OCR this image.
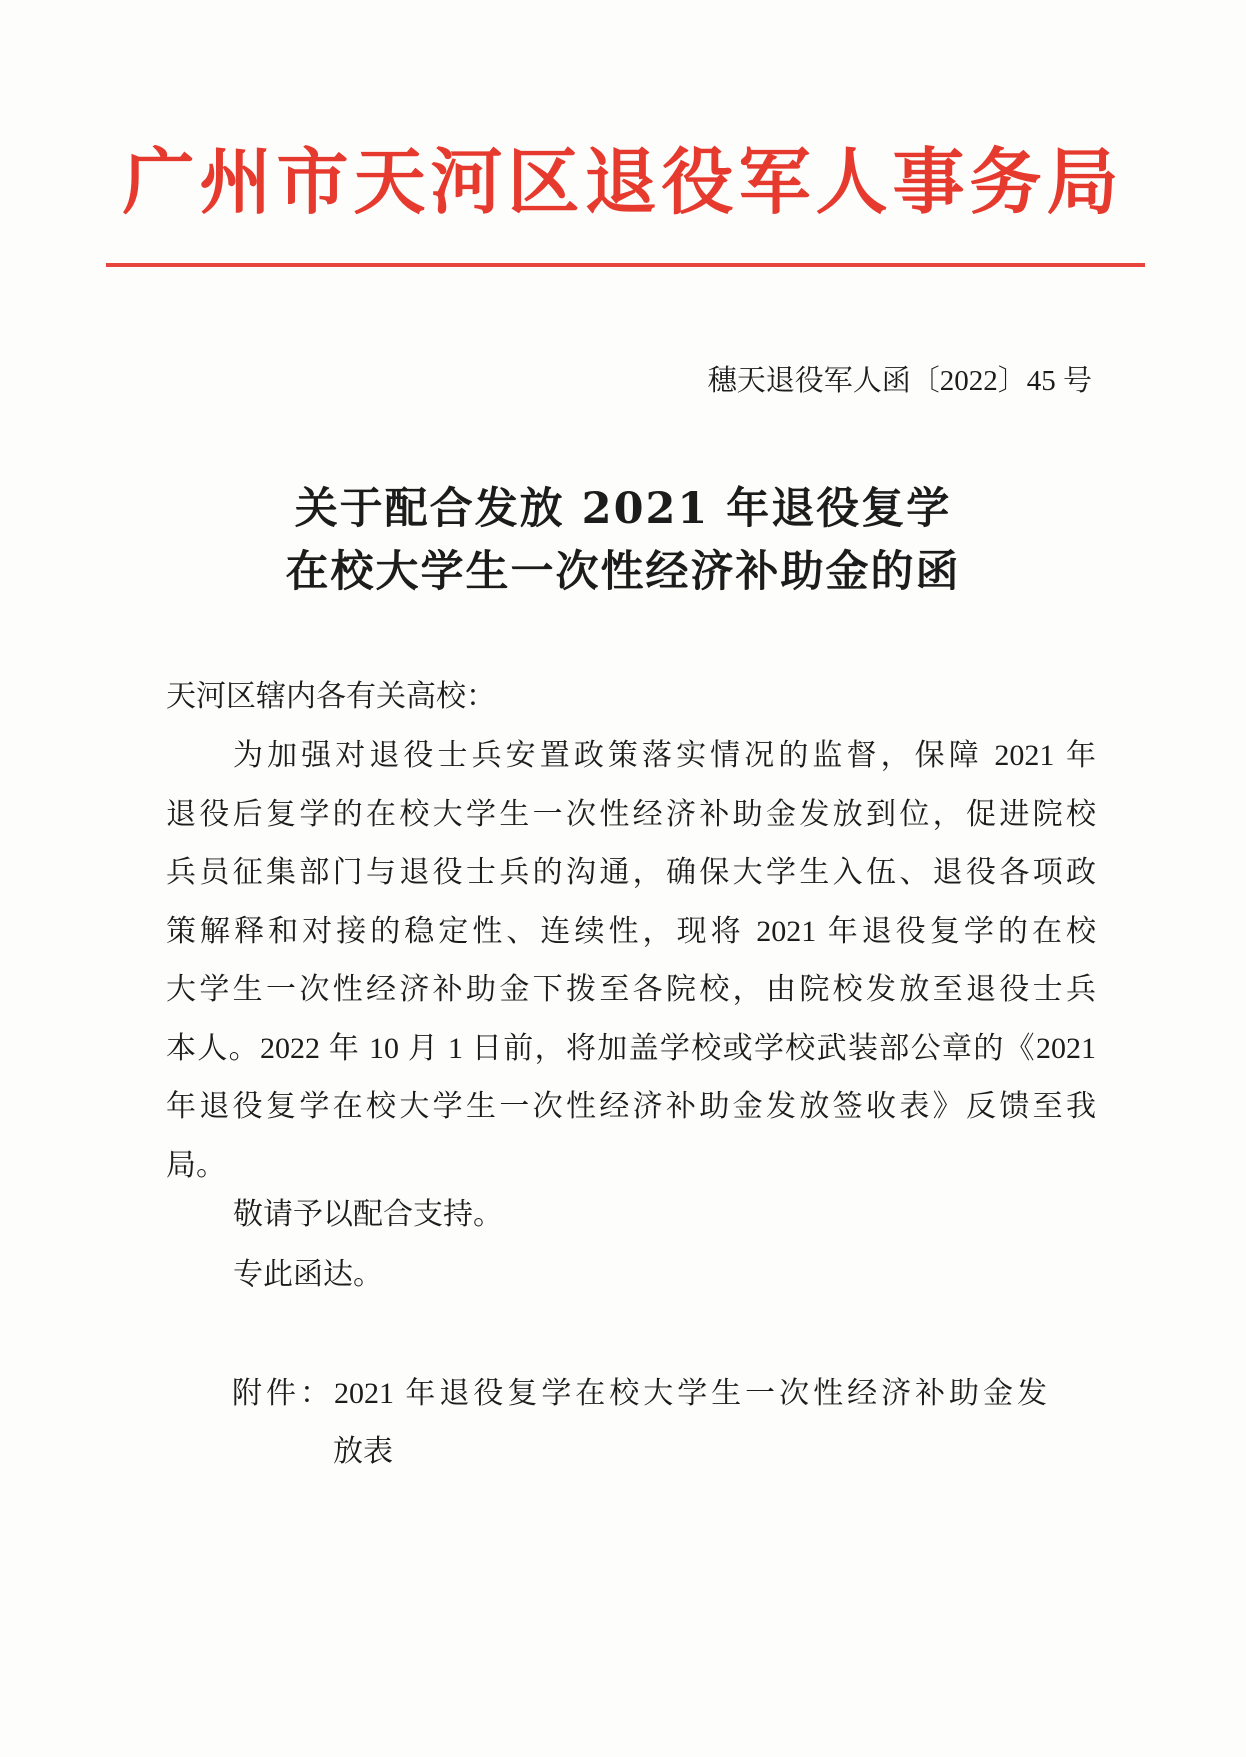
广州市天河区退役军人事务局
穗天退役军人函〔2022〕45 号
关于配合发放 2021 年退役复学
在校大学生一次性经济补助金的函
天河区辖内各有关高校：
为加强对退役士兵安置政策落实情况的监督，保障 2021 年
退役后复学的在校大学生一次性经济补助金发放到位，促进院校
兵员征集部门与退役士兵的沟通，确保大学生入伍、退役各项政
策解释和对接的稳定性、连续性，现将 2021 年退役复学的在校
大学生一次性经济补助金下拨至各院校，由院校发放至退役士兵
本人。2022 年 10 月 1 日前，将加盖学校或学校武装部公章的《2021
年退役复学在校大学生一次性经济补助金发放签收表》反馈至我
局。
敬请予以配合支持。
专此函达。
附件：2021 年退役复学在校大学生一次性经济补助金发
放表
